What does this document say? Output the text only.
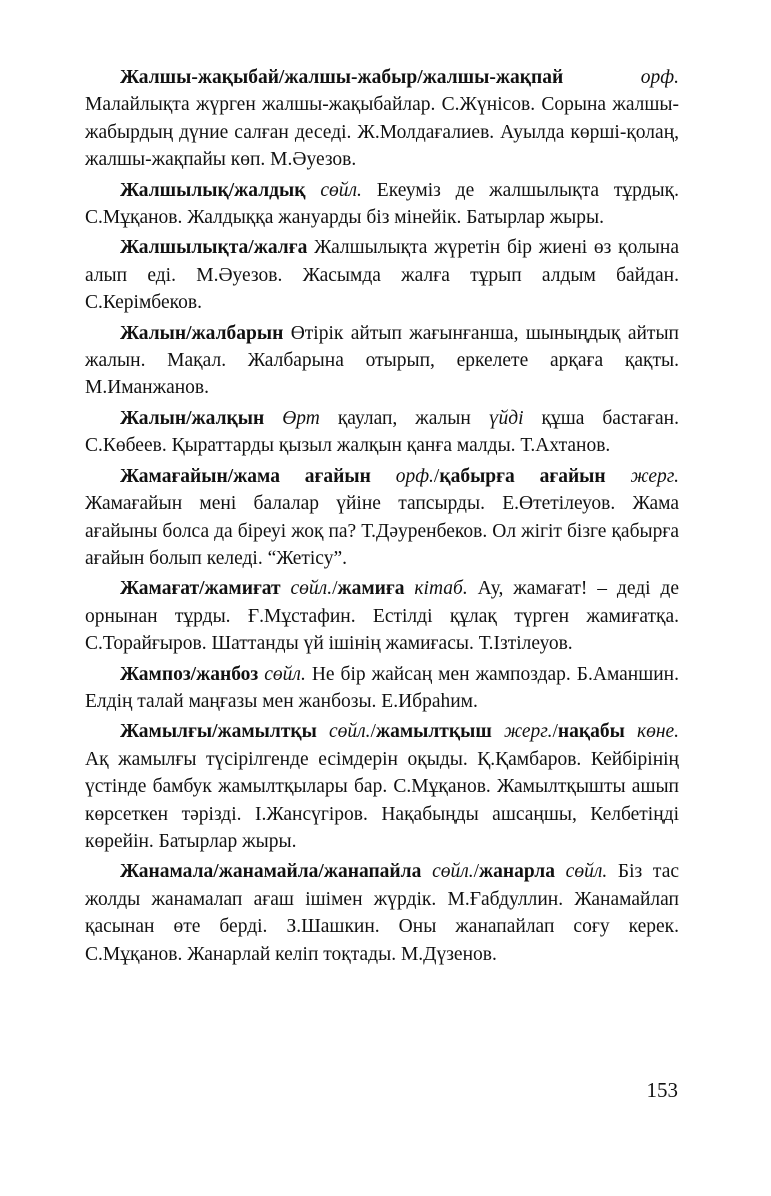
Жалшы-жақыбай/жалшы-жабыр/жалшы-жақпай	орф. Малайлықта жүрген жалшы-жақыбайлар. С.Жүнісов. Сорына жалшы-жабырдың дүние салған деседі. Ж.Молдағалиев. Ауылда көрші-қолаң, жалшы-жақпайы көп. М.Әуезов.

Жалшылық/жалдық сөйл. Екеуміз де жалшылықта тұрдық. С.Мұқанов. Жалдыққа жануарды біз мінейік. Батырлар жыры.

Жалшылықта/жалға Жалшылықта жүретін бір жиені өз қолына алып еді. М.Әуезов. Жасымда жалға тұрып алдым байдан. С.Керімбеков.

Жалын/жалбарын Өтірік айтып жағынғанша, шыныңдық айтып жалын. Мақал. Жалбарына отырып, еркелете арқаға қақты. М.Иманжанов.

Жалын/жалқын Өрт қаулап, жалын үйді құша бастаған. С.Көбеев. Қыраттарды қызыл жалқын қанға малды. Т.Ахтанов.

Жамағайын/жама ағайын орф./қабырға ағайын жерг. Жамағайын мені балалар үйіне тапсырды. Е.Өтетілеуов. Жама ағайыны болса да біреуі жоқ па? Т.Дәуренбеков. Ол жігіт бізге қабырға ағайын болып келеді. “Жетісу”.

Жамағат/жамиғат сөйл./жамиға кітаб. Ау, жамағат! – деді де орнынан тұрды. Ғ.Мұстафин. Естілді құлақ түрген жамиғатқа. С.Торайғыров. Шаттанды үй ішінің жамиғасы. Т.Ізтілеуов.

Жампоз/жанбоз сөйл. Не бір жайсаң мен жампоздар. Б.Аманшин. Елдің талай маңғазы мен жанбозы. Е.Ибраһим.

Жамылғы/жамылтқы сөйл./жамылтқыш жерг./нақабы көне. Ақ жамылғы түсірілгенде есімдерін оқыды. Қ.Қамбаров. Кейбірінің үстінде бамбук жамылтқылары бар. С.Мұқанов. Жамылтқышты ашып көрсеткен тәрізді. І.Жансүгіров. Нақабыңды ашсаңшы, Келбетіңді көрейін. Батырлар жыры.

Жанамала/жанамайла/жанапайла сөйл./жанарла сөйл. Біз тас жолды жанамалап ағаш ішімен жүрдік. М.Ғабдуллин. Жанамайлап қасынан өте берді. З.Шашкин. Оны жанапайлап соғу керек. С.Мұқанов. Жанарлай келіп тоқтады. М.Дүзенов.

153
